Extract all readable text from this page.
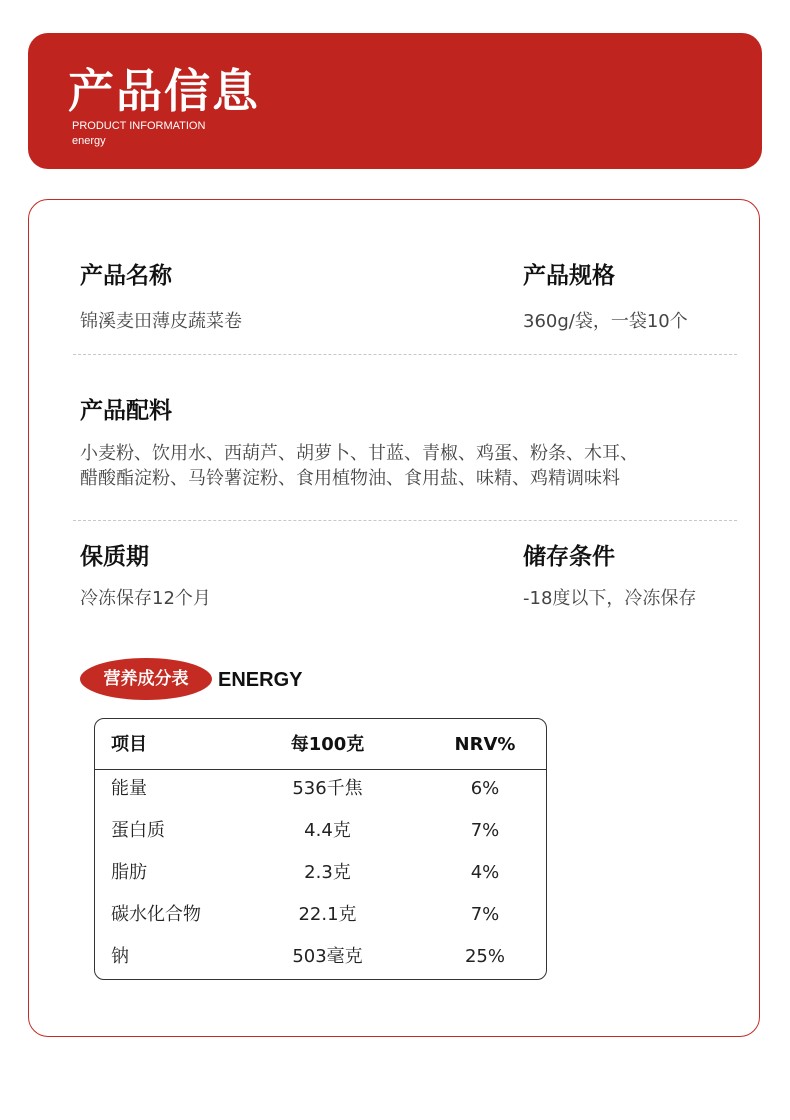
产品信息
PRODUCT INFORMATION
energy
产品名称
锦溪麦田薄皮蔬菜卷
产品规格
360g/袋，一袋10个
产品配料
小麦粉、饮用水、西葫芦、胡萝卜、甘蓝、青椒、鸡蛋、粉条、木耳、
醋酸酯淀粉、马铃薯淀粉、食用植物油、食用盐、味精、鸡精调味料
保质期
冷冻保存12个月
储存条件
-18度以下，冷冻保存
营养成分表	ENERGY
项目	每100克	NRV%
能量	536千焦	6%
蛋白质	4.4克	7%
脂肪	2.3克	4%
碳水化合物	22.1克	7%
钠	503毫克	25%
